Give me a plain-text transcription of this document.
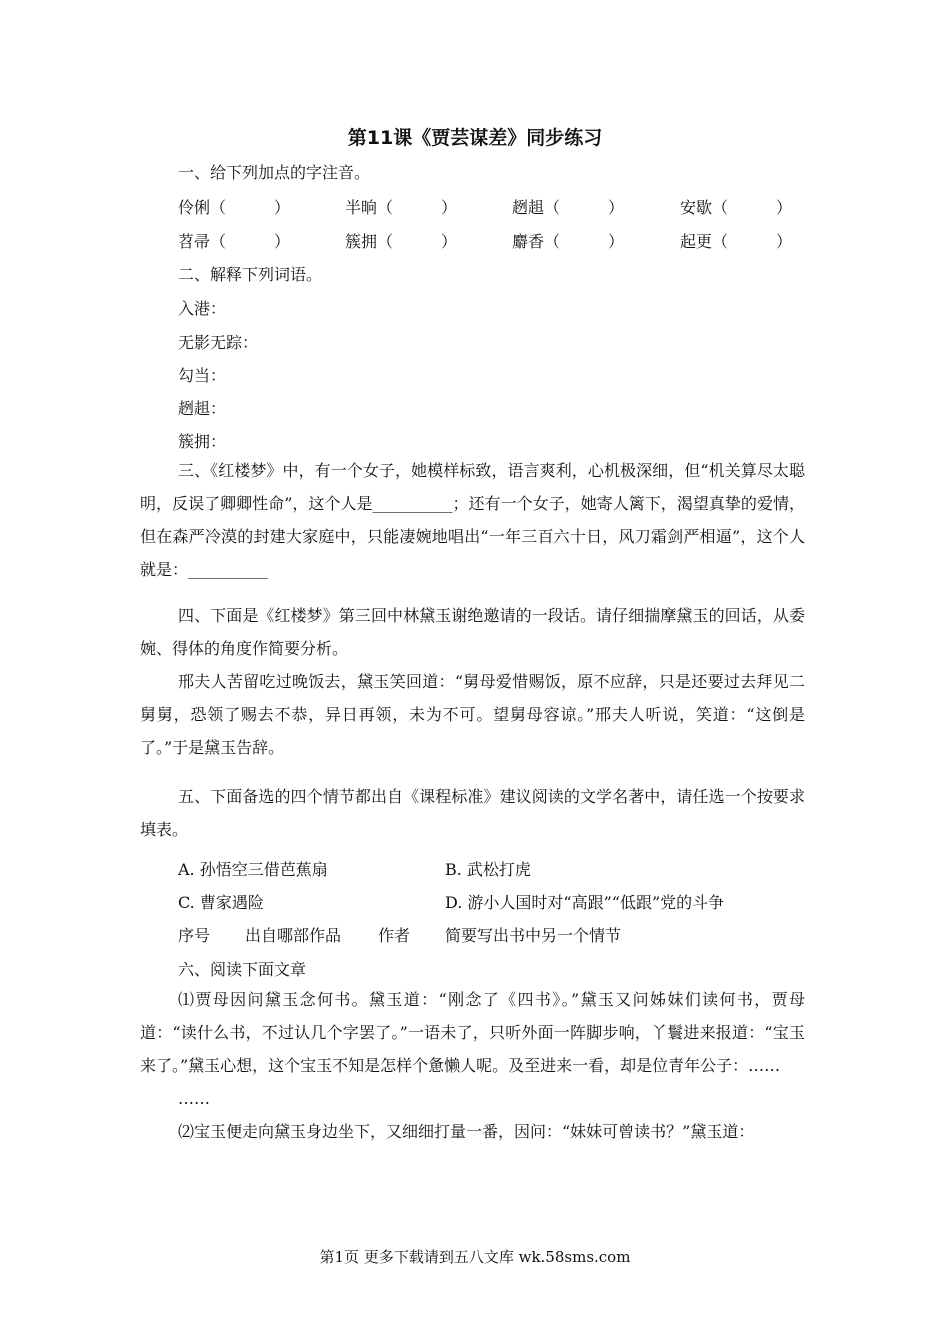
第11课《贾芸谋差》同步练习
一、给下列加点的字注音。
伶俐（　　　）	半晌（　　　）	趔趄（　　　）	安歇（　　　）
苕帚（　　　）	簇拥（　　　）	麝香（　　　）	起更（　　　）
二、解释下列词语。
入港：
无影无踪：
勾当：
趔趄：
簇拥：
三、《红楼梦》中，有一个女子，她模样标致，语言爽利，心机极深细，但“机关算尽太聪明，反误了卿卿性命”，这个人是__________；还有一个女子，她寄人篱下，渴望真挚的爱情，但在森严冷漠的封建大家庭中，只能凄婉地唱出“一年三百六十日，风刀霜剑严相逼”，这个人就是：__________
四、下面是《红楼梦》第三回中林黛玉谢绝邀请的一段话。请仔细揣摩黛玉的回话，从委婉、得体的角度作简要分析。
邢夫人苦留吃过晚饭去，黛玉笑回道：“舅母爱惜赐饭，原不应辞，只是还要过去拜见二舅舅，恐领了赐去不恭，异日再领，未为不可。望舅母容谅。”邢夫人听说，笑道：“这倒是了。”于是黛玉告辞。
五、下面备选的四个情节都出自《课程标准》建议阅读的文学名著中，请任选一个按要求填表。
A. 孙悟空三借芭蕉扇	B. 武松打虎
C. 曹家遇险	D. 游小人国时对“高跟”“低跟”党的斗争
序号 出自哪部作品 作者 简要写出书中另一个情节
六、阅读下面文章
⑴贾母因问黛玉念何书。黛玉道：“刚念了《四书》。”黛玉又问姊妹们读何书，贾母道：“读什么书，不过认几个字罢了。”一语未了，只听外面一阵脚步响，丫鬟进来报道：“宝玉来了。”黛玉心想，这个宝玉不知是怎样个惫懒人呢。及至进来一看，却是位青年公子：……
……
⑵宝玉便走向黛玉身边坐下，又细细打量一番，因问：“妹妹可曾读书？”黛玉道：
第1页 更多下载请到五八文库 wk.58sms.com
